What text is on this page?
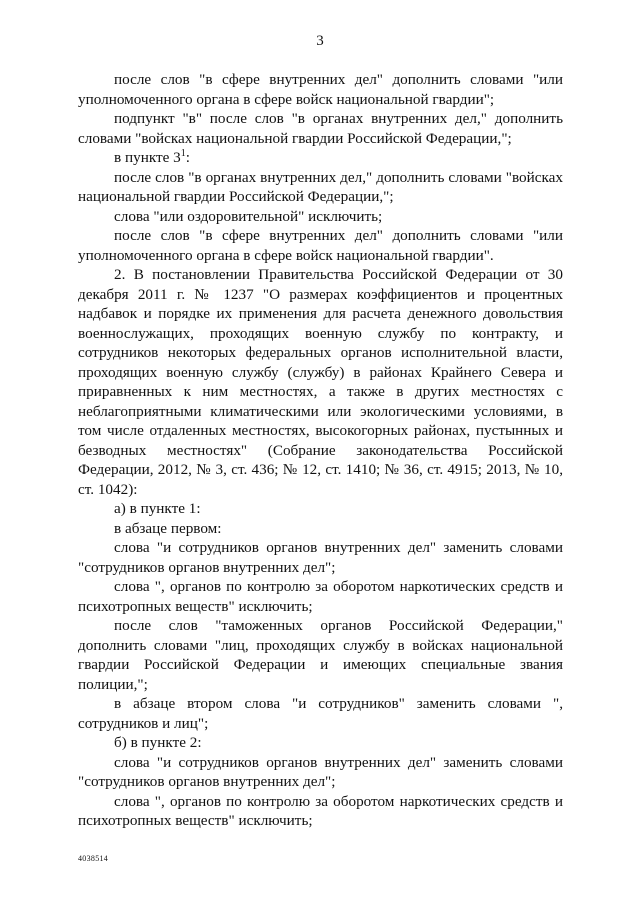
3

после слов "в сфере внутренних дел" дополнить словами "или уполномоченного органа в сфере войск национальной гвардии";

подпункт "в" после слов "в органах внутренних дел," дополнить словами "войсках национальной гвардии Российской Федерации,";

в пункте $3^1$:

после слов "в органах внутренних дел," дополнить словами "войсках национальной гвардии Российской Федерации,";

слова "или оздоровительной" исключить;

после слов "в сфере внутренних дел" дополнить словами "или уполномоченного органа в сфере войск национальной гвардии".

2. В постановлении Правительства Российской Федерации от 30 декабря 2011 г. № 1237 "О размерах коэффициентов и процентных надбавок и порядке их применения для расчета денежного довольствия военнослужащих, проходящих военную службу по контракту, и сотрудников некоторых федеральных органов исполнительной власти, проходящих военную службу (службу) в районах Крайнего Севера и приравненных к ним местностях, а также в других местностях с неблагоприятными климатическими или экологическими условиями, в том числе отдаленных местностях, высокогорных районах, пустынных и безводных местностях" (Собрание законодательства Российской Федерации, 2012, № 3, ст. 436; № 12, ст. 1410; № 36, ст. 4915; 2013, № 10, ст. 1042):

а) в пункте 1:

в абзаце первом:

слова "и сотрудников органов внутренних дел" заменить словами "сотрудников органов внутренних дел";

слова ", органов по контролю за оборотом наркотических средств и психотропных веществ" исключить;

после слов "таможенных органов Российской Федерации," дополнить словами "лиц, проходящих службу в войсках национальной гвардии Российской Федерации и имеющих специальные звания полиции,";

в абзаце втором слова "и сотрудников" заменить словами ", сотрудников и лиц";

б) в пункте 2:

слова "и сотрудников органов внутренних дел" заменить словами "сотрудников органов внутренних дел";

слова ", органов по контролю за оборотом наркотических средств и психотропных веществ" исключить;

4038514
